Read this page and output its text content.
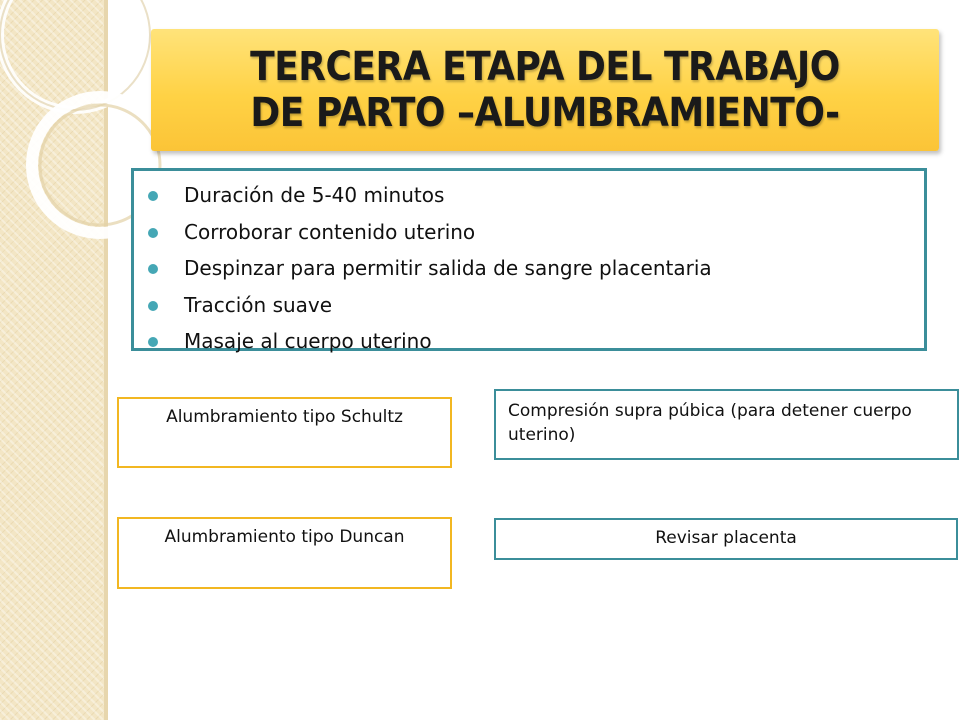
TERCERA ETAPA DEL TRABAJO
DE PARTO –ALUMBRAMIENTO-
Duración de 5-40 minutos
Corroborar contenido uterino
Despinzar para permitir salida de sangre placentaria
Tracción suave
Masaje al cuerpo uterino
Alumbramiento tipo Schultz	Compresión supra púbica (para detener cuerpo uterino)
Alumbramiento tipo Duncan	Revisar placenta
